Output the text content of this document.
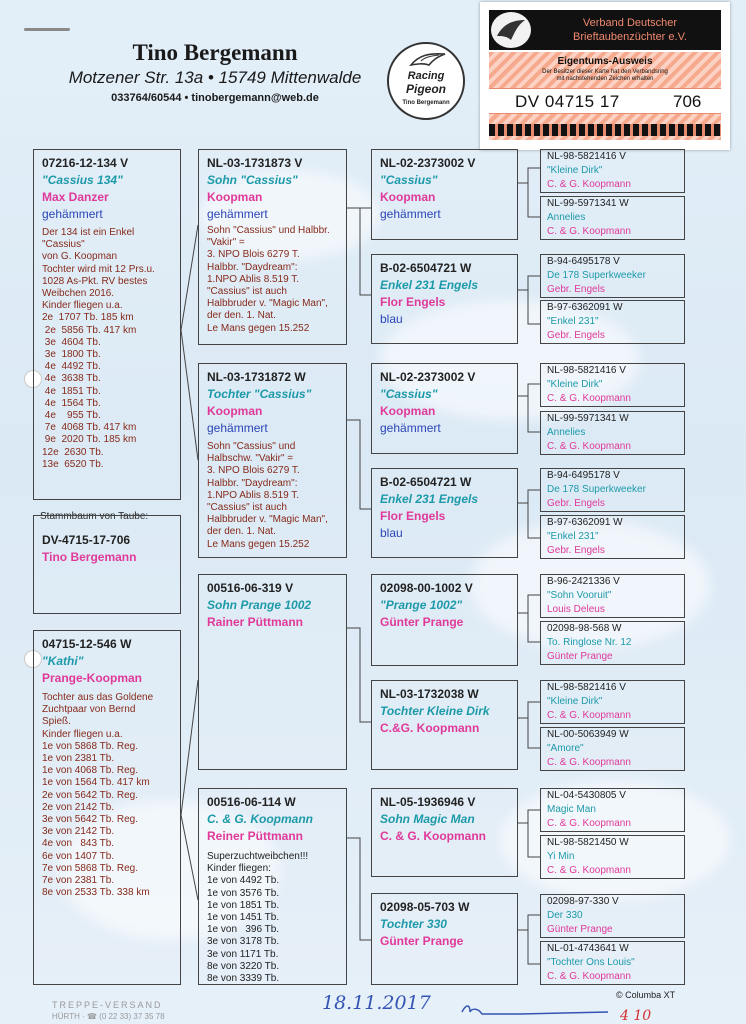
Tino Bergemann
Motzener Str. 13a • 15749 Mittenwalde
033764/60544 • tinobergemann@web.de
Racing
Pigeon
Tino Bergemann
Verband Deutscher
Brieftaubenzüchter e.V.
Eigentums-Ausweis
Der Besitzer dieser Karte hat den Verbandsring
mit nachstehenden Zeichen erhalten
DV 04715 17	706
07216-12-134 V
"Cassius 134"
Max Danzer
gehämmert
Der 134 ist ein Enkel
"Cassius"
von G. Koopman
Tochter wird mit 12 Prs.u.
1028 As-Pkt. RV bestes
Weibchen 2016.
Kinder fliegen u.a.
2e  1707 Tb. 185 km
2e  5856 Tb. 417 km
3e  4604 Tb.
3e  1800 Tb.
4e  4492 Tb.
4e  3638 Tb.
4e  1851 Tb.
4e  1564 Tb.
4e    955 Tb.
7e  4068 Tb. 417 km
9e  2020 Tb. 185 km
12e  2630 Tb.
13e  6520 Tb.
Stammbaum von Taube:
DV-4715-17-706
Tino Bergemann
04715-12-546 W
"Kathi"
Prange-Koopman
Tochter aus das Goldene
Zuchtpaar von Bernd
Spieß.
Kinder fliegen u.a.
1e von 5868 Tb. Reg.
1e von 2381 Tb.
1e von 4068 Tb. Reg.
1e von 1564 Tb. 417 km
2e von 5642 Tb. Reg.
2e von 2142 Tb.
3e von 5642 Tb. Reg.
3e von 2142 Tb.
4e von   843 Tb.
6e von 1407 Tb.
7e von 5868 Tb. Reg.
7e von 2381 Tb.
8e von 2533 Tb. 338 km
NL-03-1731873 V
Sohn "Cassius"
Koopman
gehämmert
Sohn "Cassius" und Halbbr.
"Vakir" =
3. NPO Blois 6279 T.
Halbbr. "Daydream":
1.NPO Ablis 8.519 T.
"Cassius" ist auch
Halbbruder v. "Magic Man",
der den. 1. Nat.
Le Mans gegen 15.252
NL-03-1731872 W
Tochter "Cassius"
Koopman
gehämmert
Sohn "Cassius" und
Halbschw. "Vakir" =
3. NPO Blois 6279 T.
Halbbr. "Daydream":
1.NPO Ablis 8.519 T.
"Cassius" ist auch
Halbbruder v. "Magic Man",
der den. 1. Nat.
Le Mans gegen 15.252
00516-06-319 V
Sohn Prange 1002
Rainer Püttmann
00516-06-114 W
C. & G. Koopmann
Reiner Püttmann
Superzuchtweibchen!!!
Kinder fliegen:
1e von 4492 Tb.
1e von 3576 Tb.
1e von 1851 Tb.
1e von 1451 Tb.
1e von   396 Tb.
3e von 3178 Tb.
3e von 1171 Tb.
8e von 3220 Tb.
8e von 3339 Tb.
NL-02-2373002 V
"Cassius"
Koopman
gehämmert
B-02-6504721 W
Enkel 231 Engels
Flor Engels
blau
NL-02-2373002 V
"Cassius"
Koopman
gehämmert
B-02-6504721 W
Enkel 231 Engels
Flor Engels
blau
02098-00-1002 V
"Prange 1002"
Günter Prange
NL-03-1732038 W
Tochter Kleine Dirk
C.&G. Koopmann
NL-05-1936946 V
Sohn Magic Man
C. & G. Koopmann
02098-05-703 W
Tochter 330
Günter Prange
NL-98-5821416 V
"Kleine Dirk"
C. & G. Koopmann
NL-99-5971341 W
Annelies
C. & G. Koopmann
B-94-6495178 V
De 178 Superkweeker
Gebr. Engels
B-97-6362091 W
"Enkel 231"
Gebr. Engels
NL-98-5821416 V
"Kleine Dirk"
C. & G. Koopmann
NL-99-5971341 W
Annelies
C. & G. Koopmann
B-94-6495178 V
De 178 Superkweeker
Gebr. Engels
B-97-6362091 W
"Enkel 231"
Gebr. Engels
B-96-2421336 V
"Sohn Vooruit"
Louis Deleus
02098-98-568 W
To. Ringlose Nr. 12
Günter Prange
NL-98-5821416 V
"Kleine Dirk"
C. & G. Koopmann
NL-00-5063949 W
"Amore"
C. & G. Koopmann
NL-04-5430805 V
Magic Man
C. & G. Koopmann
NL-98-5821450 W
Yi Min
C. & G. Koopmann
02098-97-330 V
Der 330
Günter Prange
NL-01-4743641 W
"Tochter Ons Louis"
C. & G. Koopmann
TREPPE-VERSAND
HÜRTH · ☎ (0 22 33) 37 35 78
© Columba XT
18.11.2017
4 10
